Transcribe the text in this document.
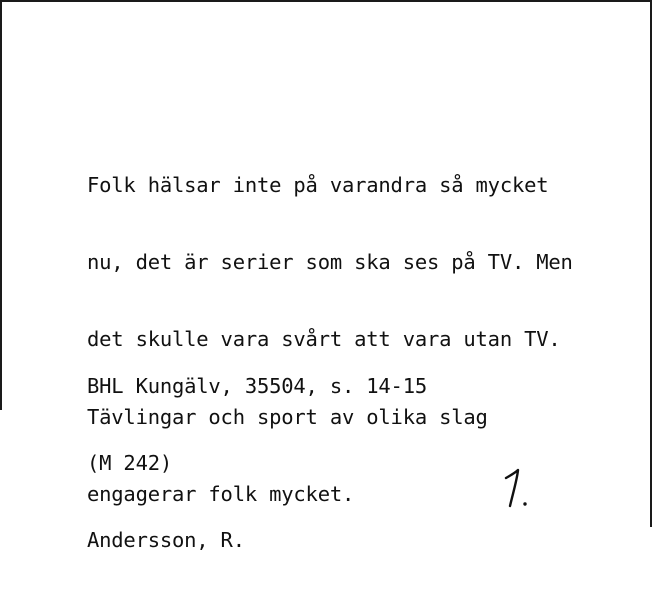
Folk hälsar inte på varandra så mycket

nu, det är serier som ska ses på TV. Men

det skulle vara svårt att vara utan TV.

Tävlingar och sport av olika slag

engagerar folk mycket.

BHL Kungälv, 35504, s. 14-15

(M 242)

Andersson, R.
